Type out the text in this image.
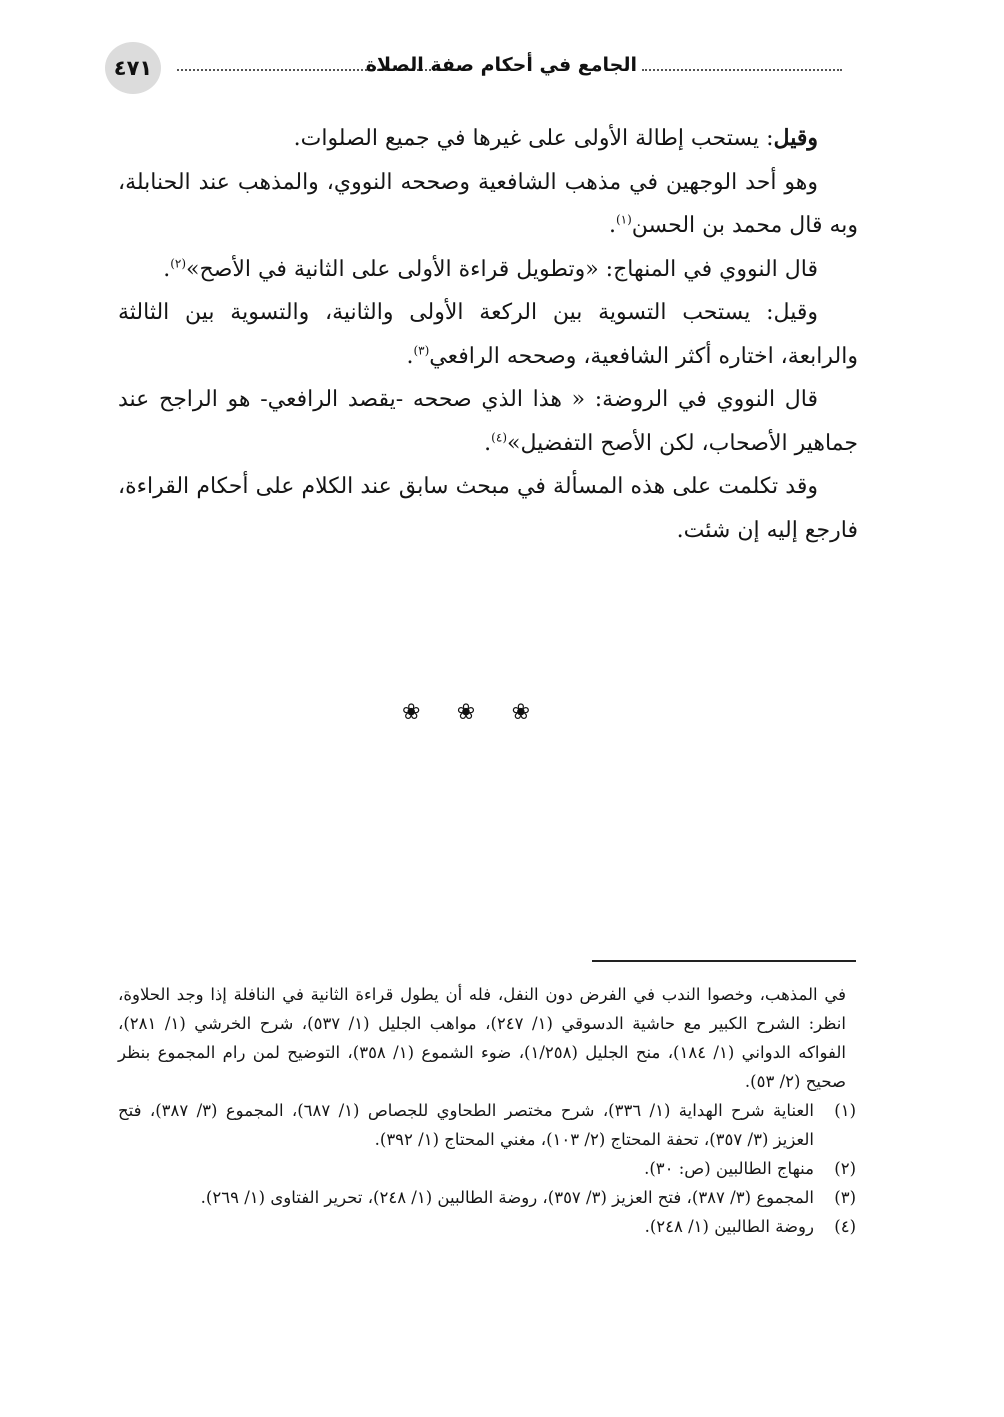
٤٧١	الجامع في أحكام صفة الصلاة

وقيل: يستحب إطالة الأولى على غيرها في جميع الصلوات.

وهو أحد الوجهين في مذهب الشافعية وصححه النووي، والمذهب عند الحنابلة، وبه قال محمد بن الحسن$^{(١)}$.

قال النووي في المنهاج: «وتطويل قراءة الأولى على الثانية في الأصح»$^{(٢)}$.

وقيل: يستحب التسوية بين الركعة الأولى والثانية، والتسوية بين الثالثة والرابعة، اختاره أكثر الشافعية، وصححه الرافعي$^{(٣)}$.

قال النووي في الروضة: « هذا الذي صححه -يقصد الرافعي- هو الراجح عند جماهير الأصحاب، لكن الأصح التفضيل»$^{(٤)}$.

وقد تكلمت على هذه المسألة في مبحث سابق عند الكلام على أحكام القراءة، فارجع إليه إن شئت.

❀ ❀ ❀

في المذهب، وخصوا الندب في الفرض دون النفل، فله أن يطول قراءة الثانية في النافلة إذا وجد الحلاوة، انظر: الشرح الكبير مع حاشية الدسوقي (١/ ٢٤٧)، مواهب الجليل (١/ ٥٣٧)، شرح الخرشي (١/ ٢٨١)، الفواكه الدواني (١/ ١٨٤)، منح الجليل (١/٢٥٨)، ضوء الشموع (١/ ٣٥٨)، التوضيح لمن رام المجموع بنظر صحيح (٢/ ٥٣).

(١)
العناية شرح الهداية (١/ ٣٣٦)، شرح مختصر الطحاوي للجصاص (١/ ٦٨٧)، المجموع (٣/ ٣٨٧)، فتح العزيز (٣/ ٣٥٧)، تحفة المحتاج (٢/ ١٠٣)، مغني المحتاج (١/ ٣٩٢).
(٢)
منهاج الطالبين (ص: ٣٠).
(٣)
المجموع (٣/ ٣٨٧)، فتح العزيز (٣/ ٣٥٧)، روضة الطالبين (١/ ٢٤٨)، تحرير الفتاوى (١/ ٢٦٩).
(٤)
روضة الطالبين (١/ ٢٤٨).
